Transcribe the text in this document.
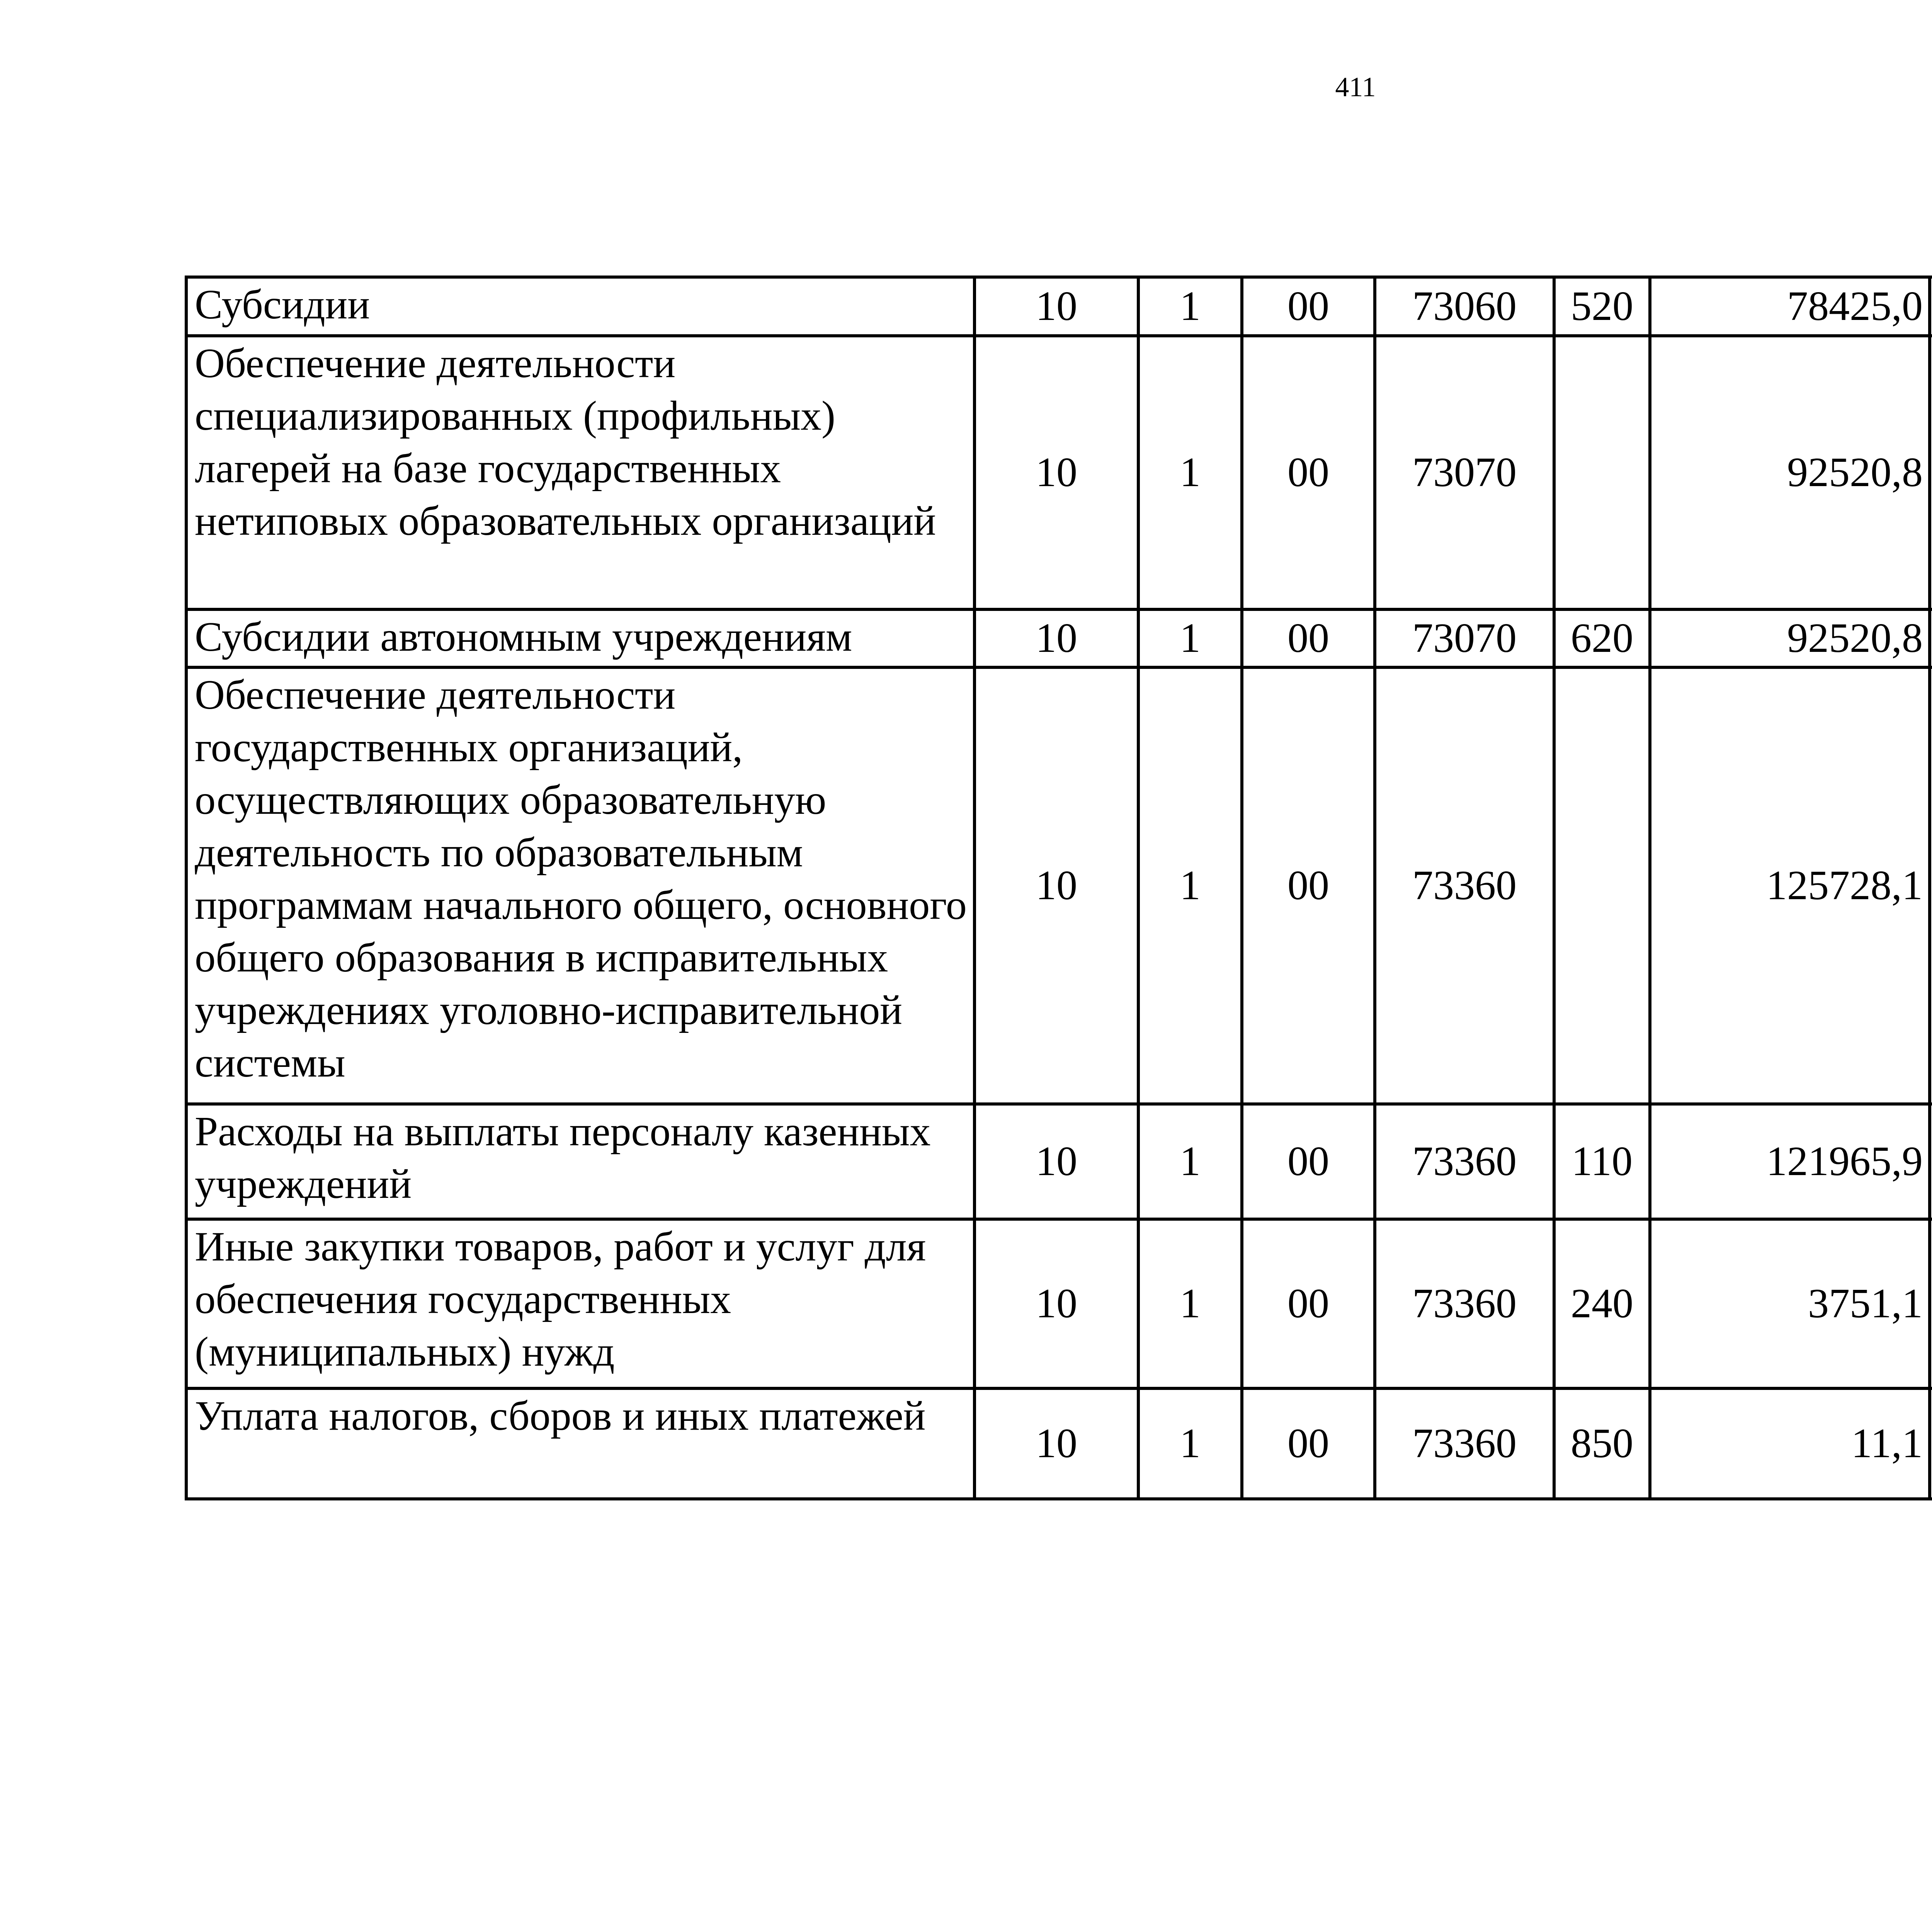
411
Субсидии	10	1	00	73060	520	78425,0		
Обеспечение деятельности специализированных (профильных) лагерей на базе государственных нетиповых образовательных организаций	10	1	00	73070		92520,8		
Субсидии автономным учреждениям	10	1	00	73070	620	92520,8		
Обеспечение деятельности государственных организаций, осуществляющих образовательную деятельность по образовательным программам начального общего, основного общего образования в исправительных учреждениях уголовно-исправительной системы	10	1	00	73360		125728,1		
Расходы на выплаты персоналу казенных учреждений	10	1	00	73360	110	121965,9		
Иные закупки товаров, работ и услуг для обеспечения государственных (муниципальных) нужд	10	1	00	73360	240	3751,1		
Уплата налогов, сборов и иных платежей	10	1	00	73360	850	11,1		
